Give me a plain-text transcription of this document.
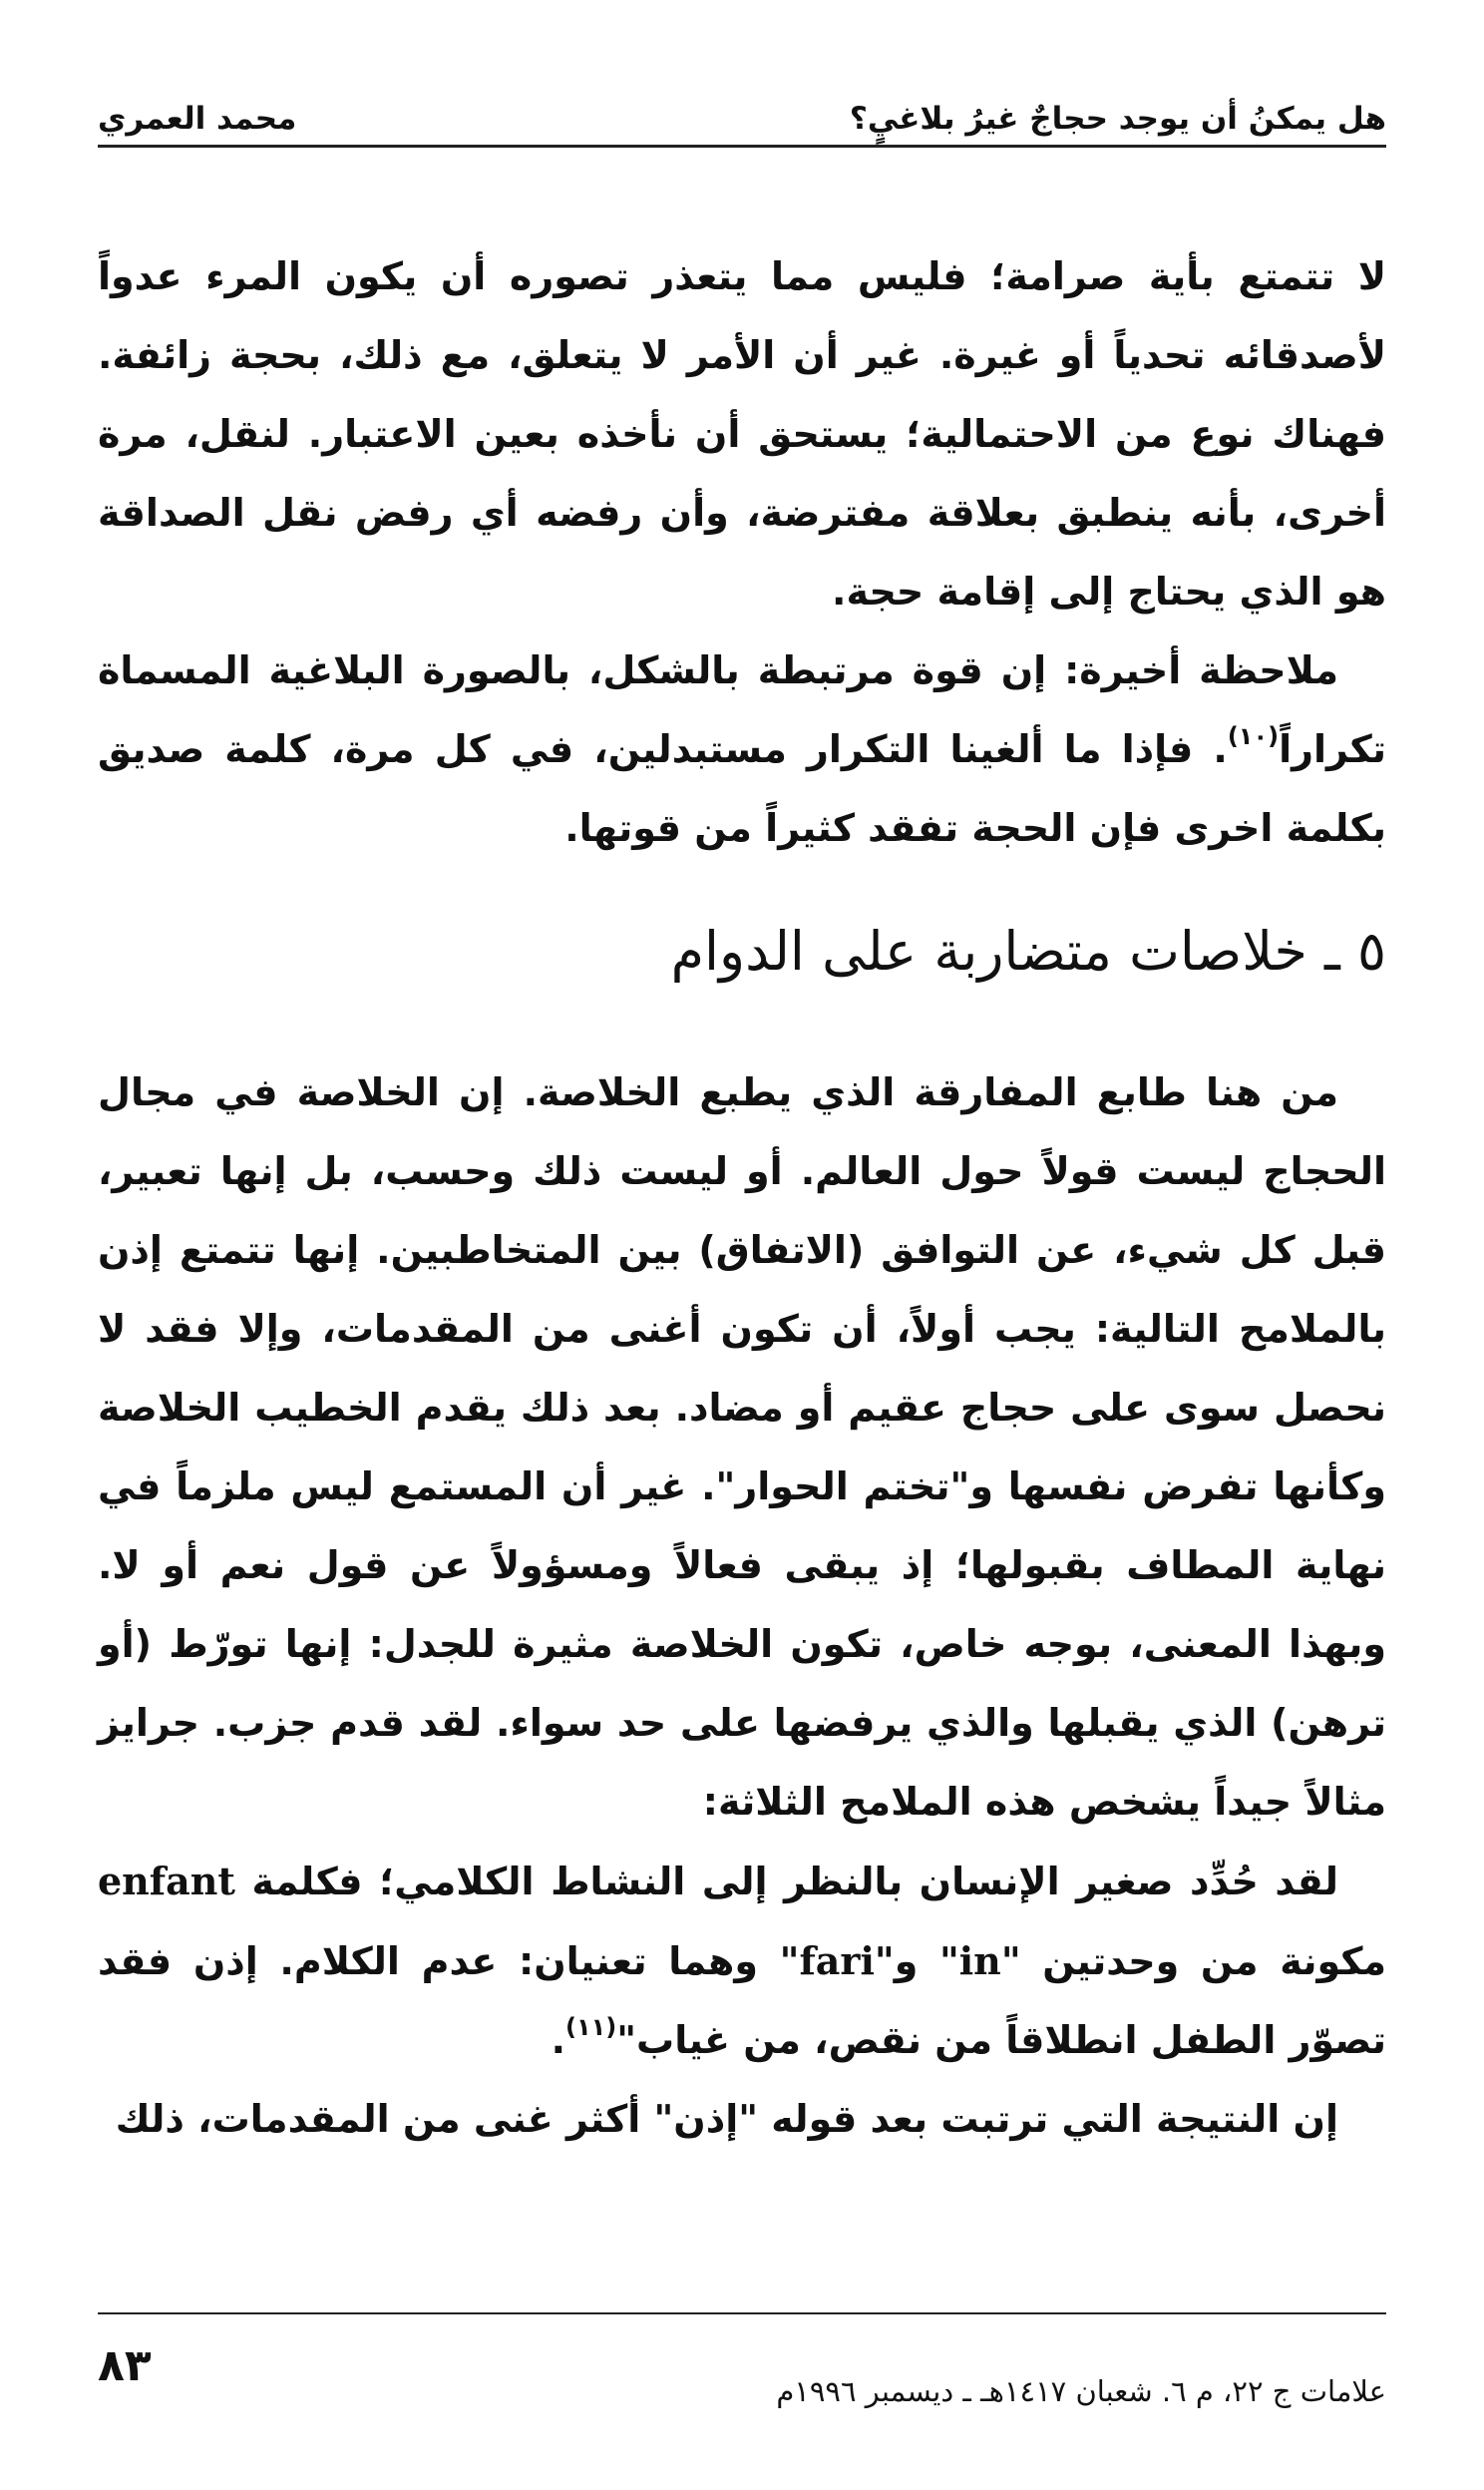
هل يمكنُ أن يوجد حجاجٌ غيرُ بلاغيٍ؟
محمد العمري

لا تتمتع بأية صرامة؛ فليس مما يتعذر تصوره أن يكون المرء عدواً لأصدقائه تحدياً أو غيرة. غير أن الأمر لا يتعلق، مع ذلك، بحجة زائفة. فهناك نوع من الاحتمالية؛ يستحق أن نأخذه بعين الاعتبار. لنقل، مرة أخرى، بأنه ينطبق بعلاقة مفترضة، وأن رفضه أي رفض نقل الصداقة هو الذي يحتاج إلى إقامة حجة.

ملاحظة أخيرة: إن قوة مرتبطة بالشكل، بالصورة البلاغية المسماة تكراراً$^{(١٠)}$. فإذا ما ألغينا التكرار مستبدلين، في كل مرة، كلمة صديق بكلمة اخرى فإن الحجة تفقد كثيراً من قوتها.

٥ ـ خلاصات متضاربة على الدوام

من هنا طابع المفارقة الذي يطبع الخلاصة. إن الخلاصة في مجال الحجاج ليست قولاً حول العالم. أو ليست ذلك وحسب، بل إنها تعبير، قبل كل شيء، عن التوافق (الاتفاق) بين المتخاطبين. إنها تتمتع إذن بالملامح التالية: يجب أولاً، أن تكون أغنى من المقدمات، وإلا فقد لا نحصل سوى على حجاج عقيم أو مضاد. بعد ذلك يقدم الخطيب الخلاصة وكأنها تفرض نفسها و"تختم الحوار". غير أن المستمع ليس ملزماً في نهاية المطاف بقبولها؛ إذ يبقى فعالاً ومسؤولاً عن قول نعم أو لا. وبهذا المعنى، بوجه خاص، تكون الخلاصة مثيرة للجدل: إنها تورّط (أو ترهن) الذي يقبلها والذي يرفضها على حد سواء. لقد قدم جزب. جرايز مثالاً جيداً يشخص هذه الملامح الثلاثة:

لقد حُدِّد صغير الإنسان بالنظر إلى النشاط الكلامي؛ فكلمة enfant مكونة من وحدتين "in" و"fari" وهما تعنيان: عدم الكلام. إذن فقد تصوّر الطفل انطلاقاً من نقص، من غياب"$^{(١١)}$.

إن النتيجة التي ترتبت بعد قوله "إذن" أكثر غنى من المقدمات، ذلك

علامات ج ٢٢، م ٦. شعبان ١٤١٧هـ ـ ديسمبر ١٩٩٦م
٨٣
